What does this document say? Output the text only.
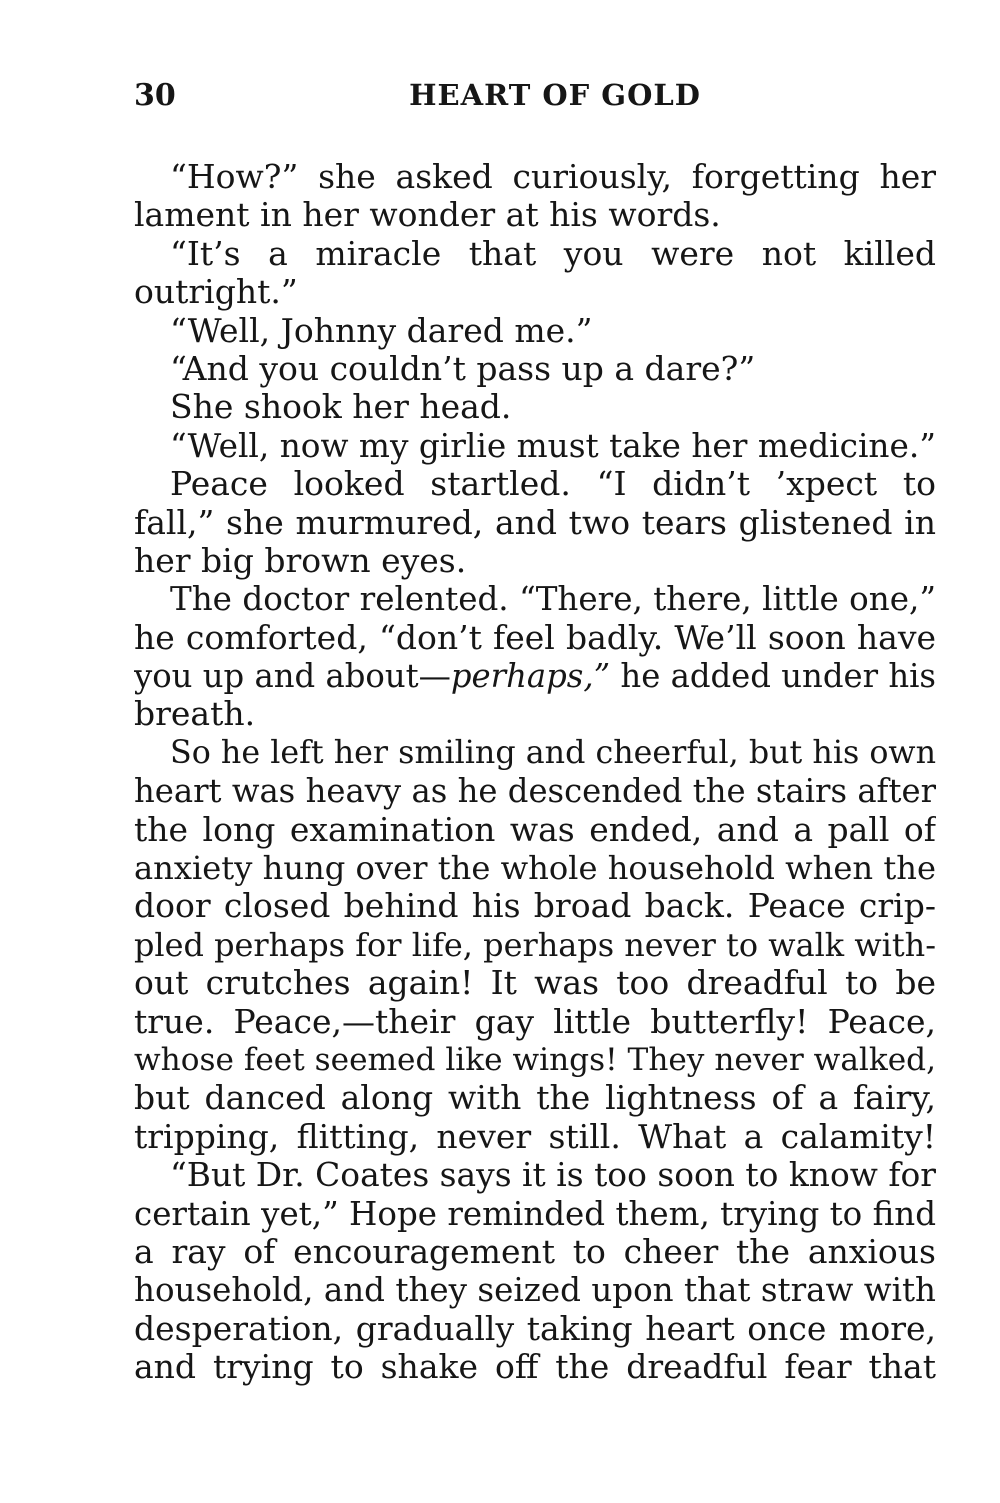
30	HEART OF GOLD
“How?” she asked curiously, forgetting her
lament in her wonder at his words.
“It’s a miracle that you were not killed
outright.”
“Well, Johnny dared me.”
“And you couldn’t pass up a dare?”
She shook her head.
“Well, now my girlie must take her medicine.”
Peace looked startled. “I didn’t ’xpect to
fall,” she murmured, and two tears glistened in
her big brown eyes.
The doctor relented. “There, there, little one,”
he comforted, “don’t feel badly. We’ll soon have
you up and about—perhaps,” he added under his
breath.
So he left her smiling and cheerful, but his own
heart was heavy as he descended the stairs after
the long examination was ended, and a pall of
anxiety hung over the whole household when the
door closed behind his broad back. Peace crip-
pled perhaps for life, perhaps never to walk with-
out crutches again! It was too dreadful to be
true. Peace,—their gay little butterfly! Peace,
whose feet seemed like wings! They never walked,
but danced along with the lightness of a fairy,
tripping, flitting, never still. What a calamity!
“But Dr. Coates says it is too soon to know for
certain yet,” Hope reminded them, trying to find
a ray of encouragement to cheer the anxious
household, and they seized upon that straw with
desperation, gradually taking heart once more,
and trying to shake off the dreadful fear that
